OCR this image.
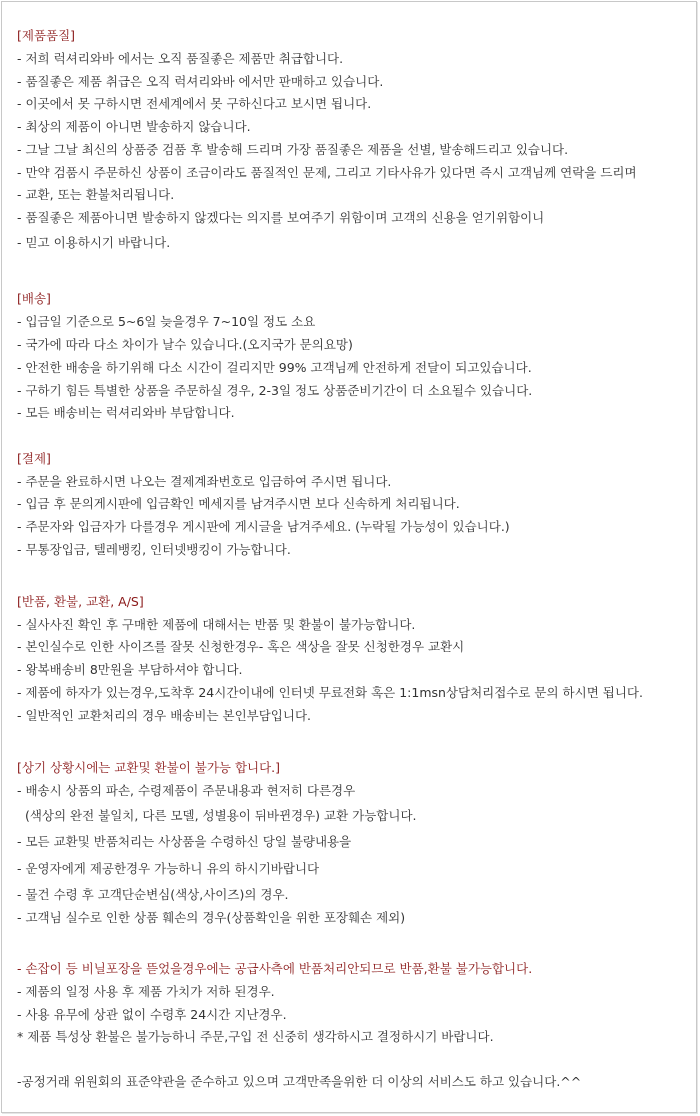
[제품품질]
- 저희 럭셔리와바 에서는 오직 품질좋은 제품만 취급합니다.
- 품질좋은 제품 취급은 오직 럭셔리와바 에서만 판매하고 있습니다.
- 이곳에서 못 구하시면 전세계에서 못 구하신다고 보시면 됩니다.
- 최상의 제품이 아니면 발송하지 않습니다.
- 그날 그날 최신의 상품중 검품 후 발송해 드리며 가장 품질좋은 제품을 선별, 발송해드리고 있습니다.
- 만약 검품시 주문하신 상품이 조금이라도 품질적인 문제, 그리고 기타사유가 있다면 즉시 고객님께 연락을 드리며
- 교환, 또는 환불처리됩니다.
- 품질좋은 제품아니면 발송하지 않겠다는 의지를 보여주기 위함이며 고객의 신용을 얻기위함이니
- 믿고 이용하시기 바랍니다.
[배송]
- 입금일 기준으로 5~6일 늦을경우 7~10일 정도 소요
- 국가에 따라 다소 차이가 날수 있습니다.(오지국가 문의요망)
- 안전한 배송을 하기위해 다소 시간이 걸리지만 99% 고객님께 안전하게 전달이 되고있습니다.
- 구하기 힘든 특별한 상품을 주문하실 경우, 2-3일 정도 상품준비기간이 더 소요될수 있습니다.
- 모든 배송비는 럭셔리와바 부담합니다.
[결제]
- 주문을 완료하시면 나오는 결제계좌번호로 입금하여 주시면 됩니다.
- 입금 후 문의게시판에 입금확인 메세지를 남겨주시면 보다 신속하게 처리됩니다.
- 주문자와 입금자가 다를경우 게시판에 게시글을 남겨주세요. (누락될 가능성이 있습니다.)
- 무통장입금, 텔레뱅킹, 인터넷뱅킹이 가능합니다.
[반품, 환불, 교환, A/S]
- 실사사진 확인 후 구매한 제품에 대해서는 반품 및 환불이 불가능합니다.
- 본인실수로 인한 사이즈를 잘못 신청한경우- 혹은 색상을 잘못 신청한경우 교환시
- 왕복배송비 8만원을 부담하셔야 합니다.
- 제품에 하자가 있는경우,도착후 24시간이내에 인터넷 무료전화 혹은 1:1msn상담처리접수로 문의 하시면 됩니다.
- 일반적인 교환처리의 경우 배송비는 본인부담입니다.
[상기 상황시에는 교환및 환불이 불가능 합니다.]
- 배송시 상품의 파손, 수령제품이 주문내용과 현저히 다른경우
(색상의 완전 불일치, 다른 모델, 성별용이 뒤바뀐경우) 교환 가능합니다.
- 모든 교환및 반품처리는 사상품을 수령하신 당일 불량내용을
- 운영자에게 제공한경우 가능하니 유의 하시기바랍니다
- 물건 수령 후 고객단순변심(색상,사이즈)의 경우.
- 고객님 실수로 인한 상품 훼손의 경우(상품확인을 위한 포장훼손 제외)
- 손잡이 등 비닐포장을 뜯었을경우에는 공급사측에 반품처리안되므로 반품,환불 불가능합니다.
- 제품의 일정 사용 후 제품 가치가 저하 된경우.
- 사용 유무에 상관 없이 수령후 24시간 지난경우.
* 제품 특성상 환불은 불가능하니 주문,구입 전 신중히 생각하시고 결정하시기 바랍니다.
-공정거래 위원회의 표준약관을 준수하고 있으며 고객만족을위한 더 이상의 서비스도 하고 있습니다.^^
